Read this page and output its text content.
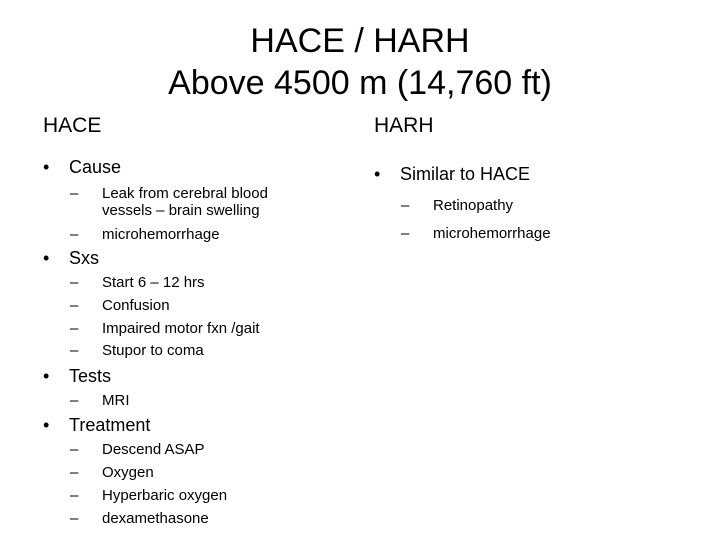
HACE / HARH
Above 4500 m (14,760 ft)
HACE	HARH
• Cause
– Leak from cerebral blood vessels – brain swelling
– microhemorrhage
• Sxs
– Start 6 – 12 hrs
– Confusion
– Impaired motor fxn /gait
– Stupor to coma
• Tests
– MRI
• Treatment
– Descend ASAP
– Oxygen
– Hyperbaric oxygen
– dexamethasone
• Similar to HACE
– Retinopathy
– microhemorrhage
